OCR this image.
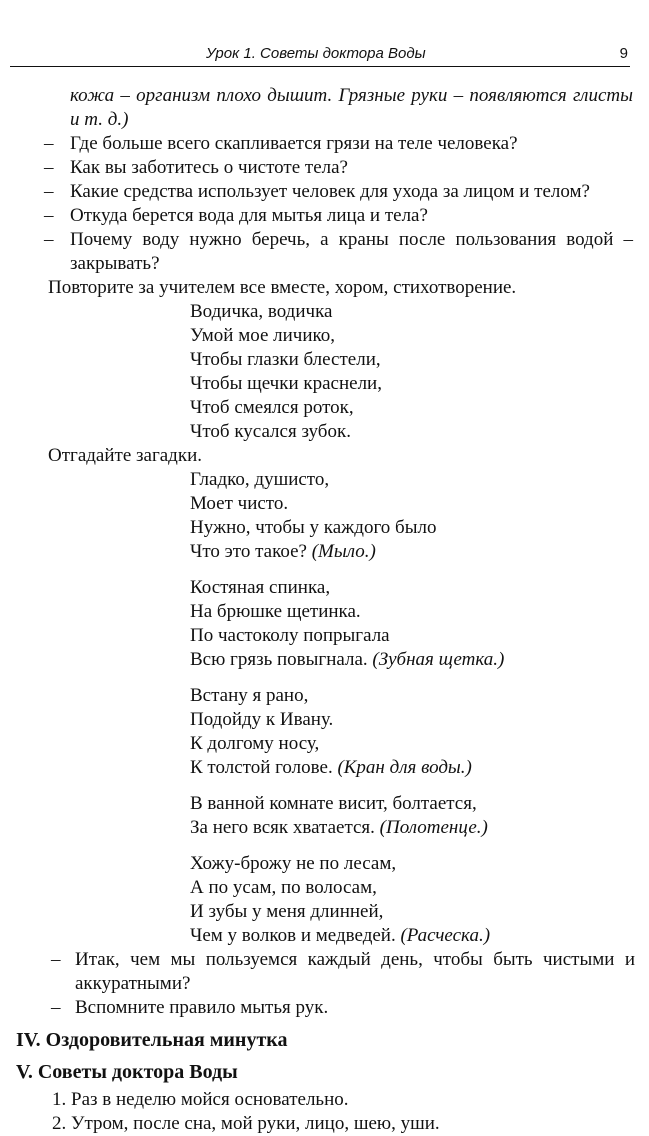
Урок 1. Советы доктора Воды	9

кожа – организм плохо дышит. Грязные руки – появляются глисты и т. д.)

– Где больше всего скапливается грязи на теле человека?
– Как вы заботитесь о чистоте тела?
– Какие средства использует человек для ухода за лицом и телом?
– Откуда берется вода для мытья лица и тела?
– Почему воду нужно беречь, а краны после пользования водой – закрывать?
Повторите за учителем все вместе, хором, стихотворение.
Водичка, водичка
Умой мое личико,
Чтобы глазки блестели,
Чтобы щечки краснели,
Чтоб смеялся роток,
Чтоб кусался зубок.
Отгадайте загадки.
Гладко, душисто,
Моет чисто.
Нужно, чтобы у каждого было
Что это такое? (Мыло.)
Костяная спинка,
На брюшке щетинка.
По частоколу попрыгала
Всю грязь повыгнала. (Зубная щетка.)
Встану я рано,
Подойду к Ивану.
К долгому носу,
К толстой голове. (Кран для воды.)
В ванной комнате висит, болтается,
За него всяк хватается. (Полотенце.)
Хожу-брожу не по лесам,
А по усам, по волосам,
И зубы у меня длинней,
Чем у волков и медведей. (Расческа.)
– Итак, чем мы пользуемся каждый день, чтобы быть чистыми и аккуратными?
– Вспомните правило мытья рук.
IV. Оздоровительная минутка
V. Советы доктора Воды
1. Раз в неделю мойся основательно.
2. Утром, после сна, мой руки, лицо, шею, уши.
